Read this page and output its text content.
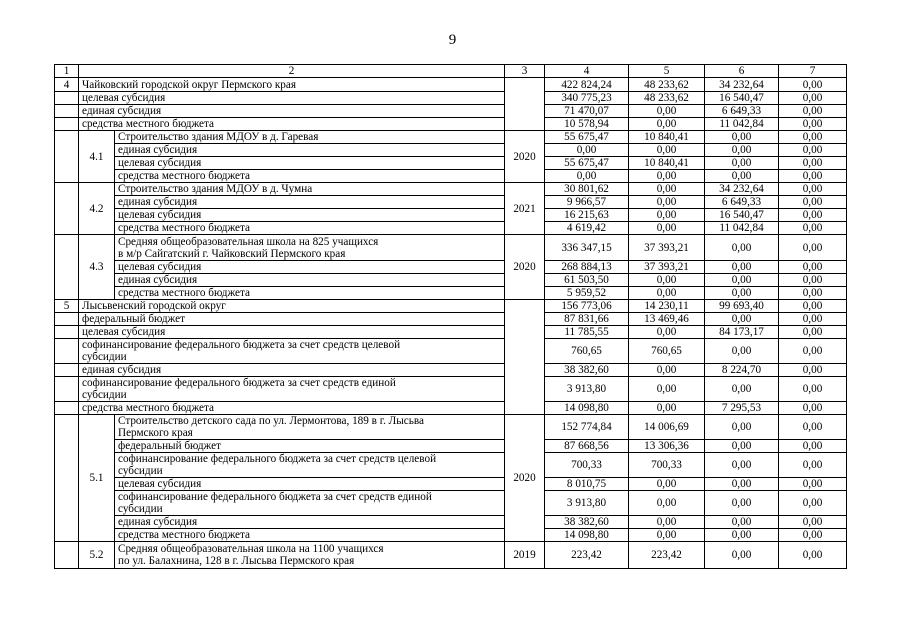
9
1	2		3	4	5	6	7
4	Чайковский городской округ Пермского края			422 824,24	48 233,62	34 232,64	0,00
	целевая субсидия			340 775,23	48 233,62	16 540,47	0,00
	единая субсидия			71 470,07	0,00	6 649,33	0,00
	средства местного бюджета			10 578,94	0,00	11 042,84	0,00
	4.1	Строительство здания МДОУ в д. Гаревая	2020	55 675,47	10 840,41	0,00	0,00
		единая субсидия		0,00	0,00	0,00	0,00
		целевая субсидия		55 675,47	10 840,41	0,00	0,00
		средства местного бюджета		0,00	0,00	0,00	0,00
	4.2	Строительство здания МДОУ в д. Чумна	2021	30 801,62	0,00	34 232,64	0,00
		единая субсидия		9 966,57	0,00	6 649,33	0,00
		целевая субсидия		16 215,63	0,00	16 540,47	0,00
		средства местного бюджета		4 619,42	0,00	11 042,84	0,00
	4.3	Средняя общеобразовательная школа на 825 учащихся
в м/р Сайгатский г. Чайковский Пермского края	2020	336 347,15	37 393,21	0,00	0,00
		целевая субсидия		268 884,13	37 393,21	0,00	0,00
		единая субсидия		61 503,50	0,00	0,00	0,00
		средства местного бюджета		5 959,52	0,00	0,00	0,00
5	Лысьвенский городской округ			156 773,06	14 230,11	99 693,40	0,00
	федеральный бюджет			87 831,66	13 469,46	0,00	0,00
	целевая субсидия			11 785,55	0,00	84 173,17	0,00

	софинансирование федерального бюджета за счет средств целевой
субсидии			760,65	760,65	0,00	0,00
	единая субсидия			38 382,60	0,00	8 224,70	0,00

	софинансирование федерального бюджета за счет средств единой
субсидии			3 913,80	0,00	0,00	0,00
	средства местного бюджета			14 098,80	0,00	7 295,53	0,00
	5.1	Строительство детского сада по ул. Лермонтова, 189 в г. Лысьва
Пермского края	2020	152 774,84	14 006,69	0,00	0,00
		федеральный бюджет		87 668,56	13 306,36	0,00	0,00

		софинансирование федерального бюджета за счет средств целевой
субсидии		700,33	700,33	0,00	0,00
		целевая субсидия		8 010,75	0,00	0,00	0,00

		софинансирование федерального бюджета за счет средств единой
субсидии		3 913,80	0,00	0,00	0,00
		единая субсидия		38 382,60	0,00	0,00	0,00
		средства местного бюджета		14 098,80	0,00	0,00	0,00
	5.2	Средняя общеобразовательная школа на 1100 учащихся
по ул. Балахнина, 128 в г. Лысьва Пермского края	2019	223,42	223,42	0,00	0,00
